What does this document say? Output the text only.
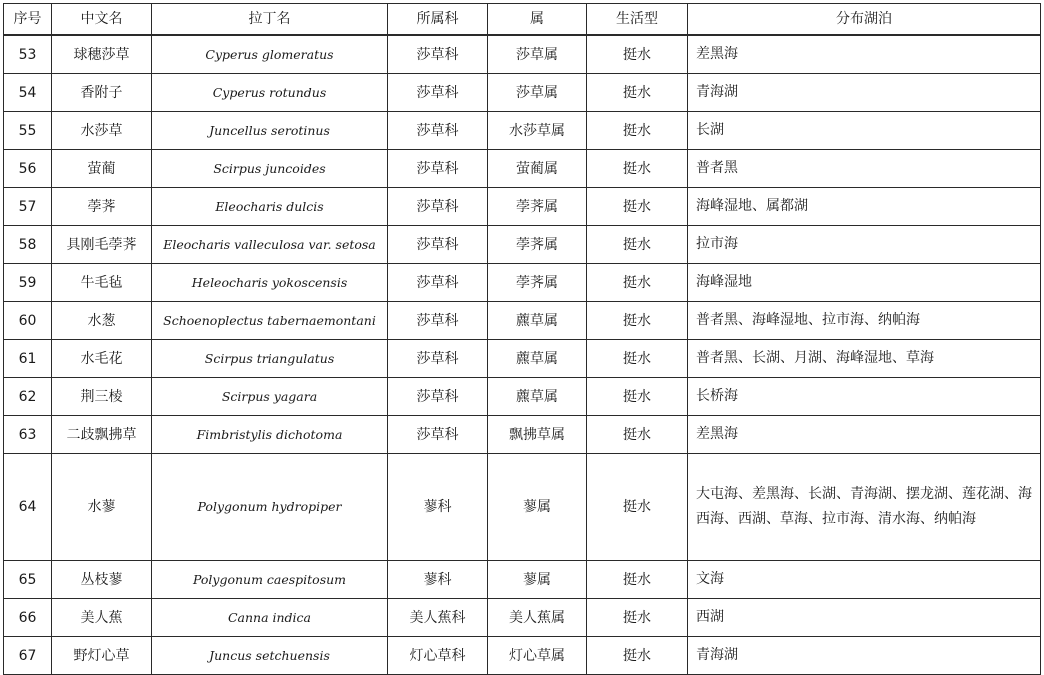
序号	中文名	拉丁名	所属科	属	生活型	分布湖泊
53	球穗莎草	Cyperus glomeratus	莎草科	莎草属	挺水	差黑海
54	香附子	Cyperus rotundus	莎草科	莎草属	挺水	青海湖
55	水莎草	Juncellus serotinus	莎草科	水莎草属	挺水	长湖
56	萤蔺	Scirpus juncoides	莎草科	萤蔺属	挺水	普者黑
57	荸荠	Eleocharis dulcis	莎草科	荸荠属	挺水	海峰湿地、属都湖
58	具刚毛荸荠	Eleocharis valleculosa var. setosa	莎草科	荸荠属	挺水	拉市海
59	牛毛毡	Heleocharis yokoscensis	莎草科	荸荠属	挺水	海峰湿地
60	水葱	Schoenoplectus tabernaemontani	莎草科	藨草属	挺水	普者黑、海峰湿地、拉市海、纳帕海
61	水毛花	Scirpus triangulatus	莎草科	藨草属	挺水	普者黑、长湖、月湖、海峰湿地、草海
62	荆三棱	Scirpus yagara	莎草科	藨草属	挺水	长桥海
63	二歧飘拂草	Fimbristylis dichotoma	莎草科	飘拂草属	挺水	差黑海
64	水蓼	Polygonum hydropiper	蓼科	蓼属	挺水	大屯海、差黑海、长湖、青海湖、摆龙湖、莲花湖、海西海、西湖、草海、拉市海、清水海、纳帕海
65	丛枝蓼	Polygonum caespitosum	蓼科	蓼属	挺水	文海
66	美人蕉	Canna indica	美人蕉科	美人蕉属	挺水	西湖
67	野灯心草	Juncus setchuensis	灯心草科	灯心草属	挺水	青海湖
